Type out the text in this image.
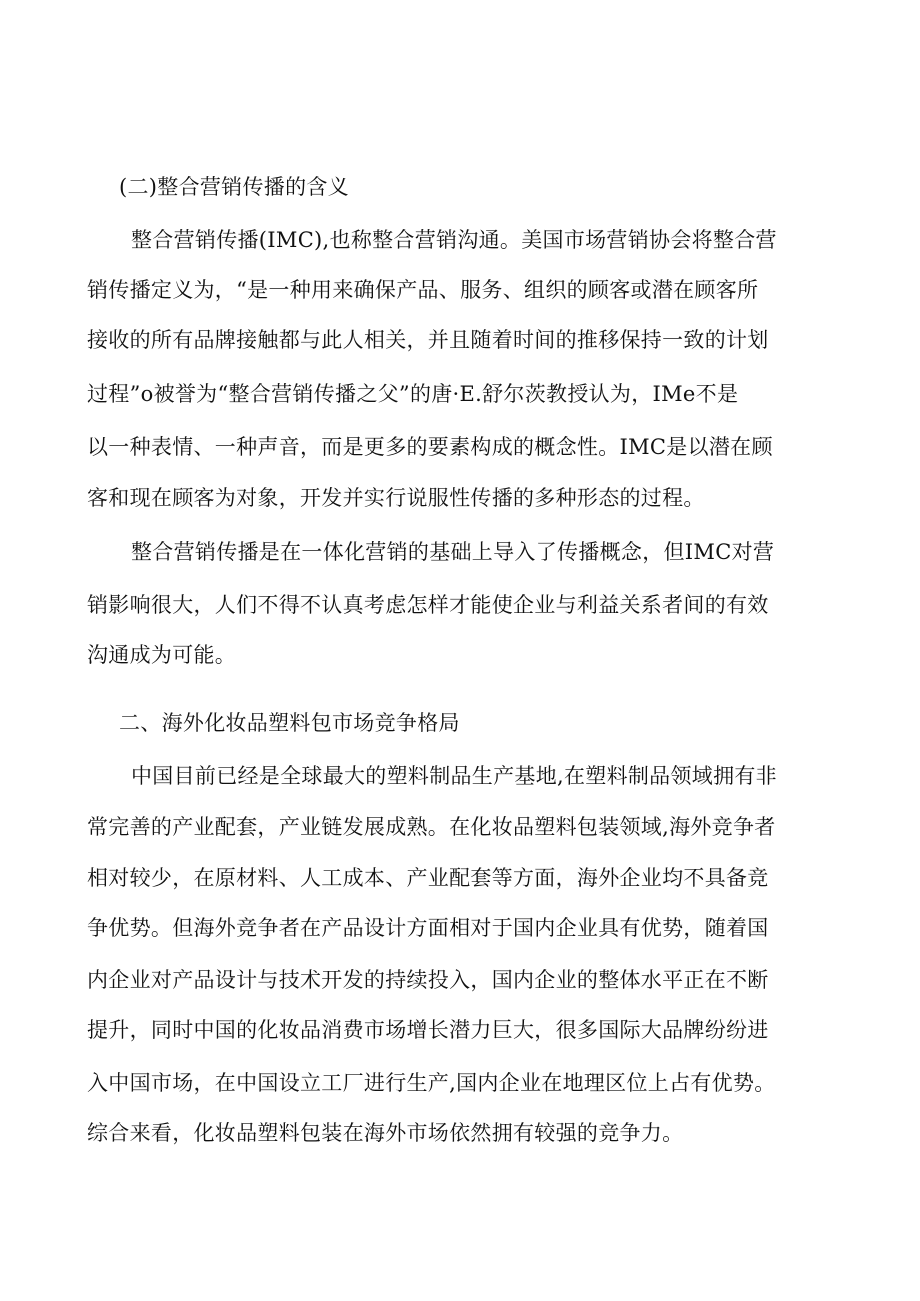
(二)整合营销传播的含义
整合营销传播(IMC),也称整合营销沟通。美国市场营销协会将整合营
销传播定义为，“是一种用来确保产品、服务、组织的顾客或潜在顾客所
接收的所有品牌接触都与此人相关，并且随着时间的推移保持一致的计划
过程”o被誉为“整合营销传播之父”的唐·E.舒尔茨教授认为，IMe不是
以一种表情、一种声音，而是更多的要素构成的概念性。IMC是以潜在顾
客和现在顾客为对象，开发并实行说服性传播的多种形态的过程。
整合营销传播是在一体化营销的基础上导入了传播概念，但IMC对营
销影响很大，人们不得不认真考虑怎样才能使企业与利益关系者间的有效
沟通成为可能。
二、海外化妆品塑料包市场竞争格局
中国目前已经是全球最大的塑料制品生产基地,在塑料制品领域拥有非
常完善的产业配套，产业链发展成熟。在化妆品塑料包装领域,海外竞争者
相对较少，在原材料、人工成本、产业配套等方面，海外企业均不具备竞
争优势。但海外竞争者在产品设计方面相对于国内企业具有优势，随着国
内企业对产品设计与技术开发的持续投入，国内企业的整体水平正在不断
提升，同时中国的化妆品消费市场增长潜力巨大，很多国际大品牌纷纷进
入中国市场，在中国设立工厂进行生产,国内企业在地理区位上占有优势。
综合来看，化妆品塑料包装在海外市场依然拥有较强的竞争力。
